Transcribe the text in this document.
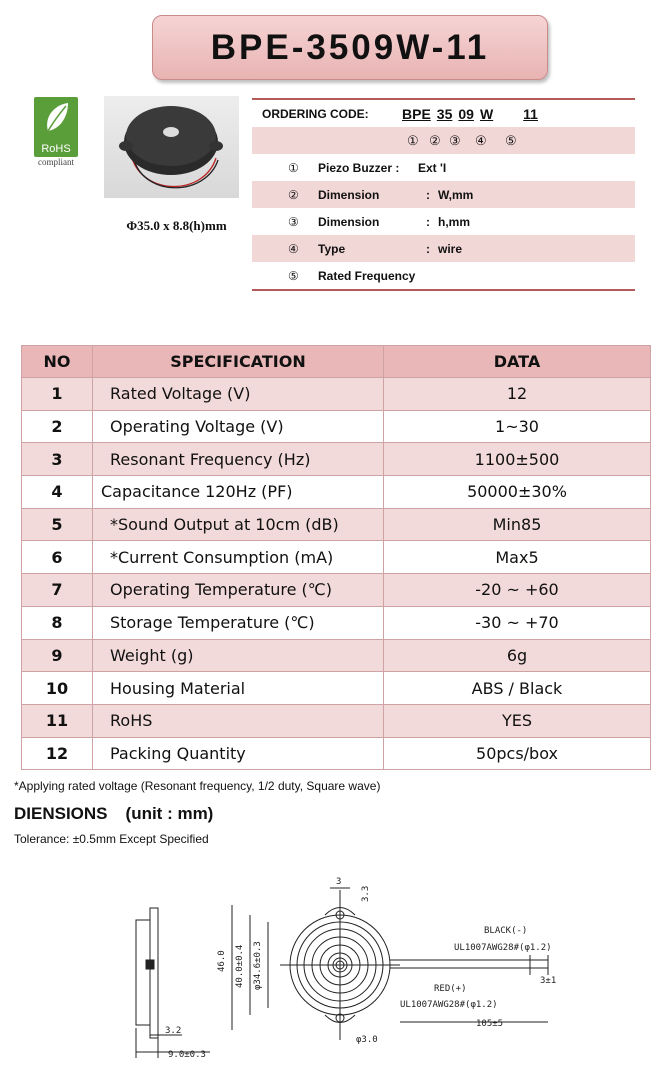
BPE-3509W-11
RoHS
compliant
Φ35.0 x 8.8(h)mm
ORDERING CODE:	BPE 35 09 W 11
① ② ③	④	⑤
①	Piezo Buzzer :	Ext 'I
②	Dimension	: W,mm
③	Dimension	: h,mm
④	Type	: wire
⑤	Rated Frequency
NO	SPECIFICATION	DATA
1	Rated Voltage (V)	12
2	Operating Voltage (V)	1~30
3	Resonant Frequency (Hz)	1100±500
4	Capacitance 120Hz (PF)	50000±30%
5	*Sound Output at 10cm (dB)	Min85
6	*Current Consumption (mA)	Max5
7	Operating Temperature (℃)	-20 ~ +60
8	Storage Temperature (℃)	-30 ~ +70
9	Weight (g)	6g
10	Housing Material	ABS / Black
11	RoHS	YES
12	Packing Quantity	50pcs/box
*Applying rated voltage (Resonant frequency, 1/2 duty, Square wave)
DIENSIONS (unit : mm)
Tolerance: ±0.5mm Except Specified
3.2
9.0±0.3
46.0 40.0±0.4 φ34.6±0.3
3
3.3
BLACK(-)
UL1007AWG28#(φ1.2)
RED(+)
UL1007AWG28#(φ1.2)
3±1
105±5
φ3.0
